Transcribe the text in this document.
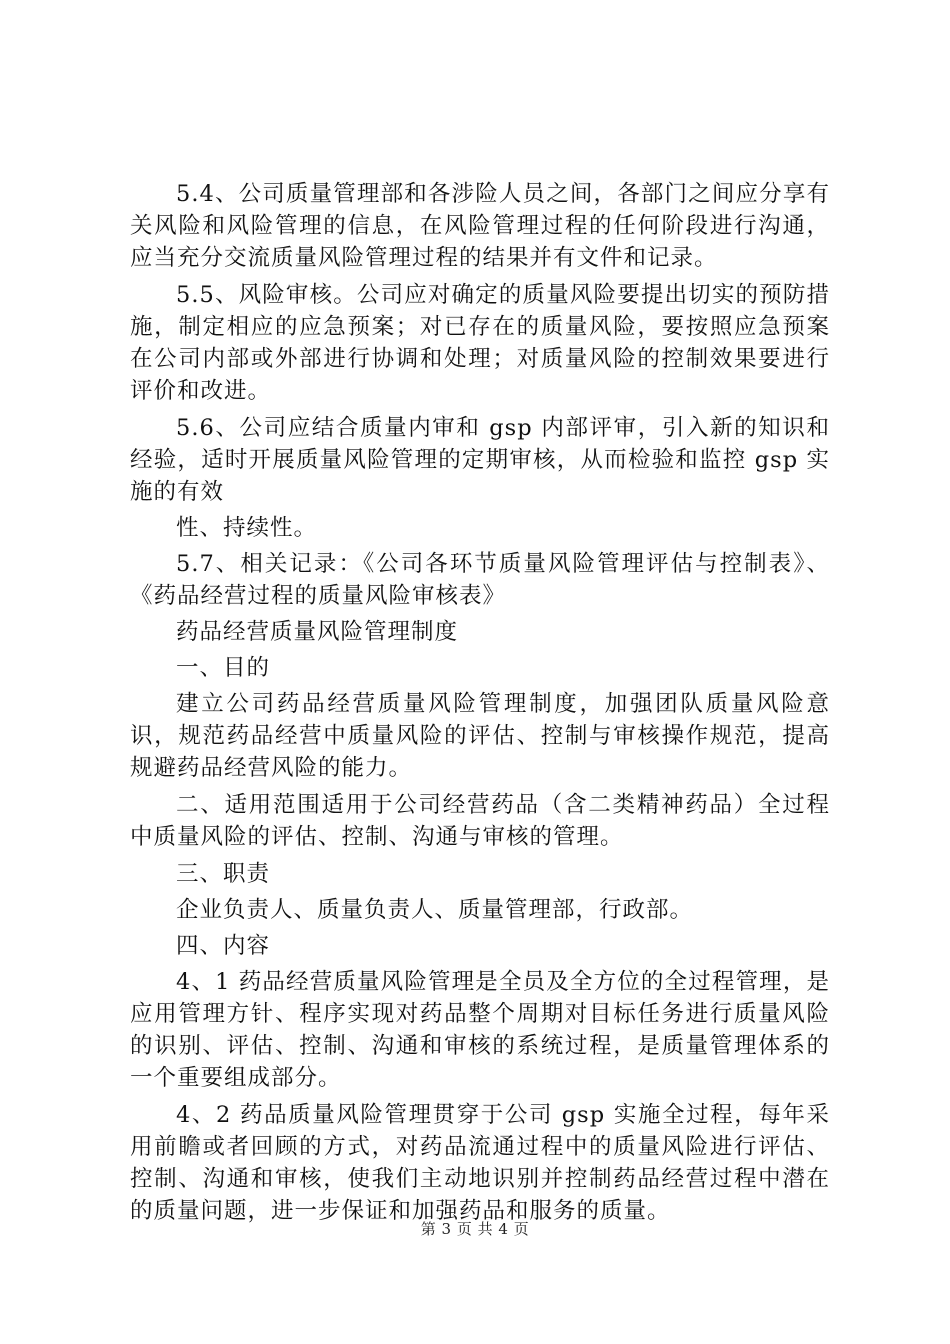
5.4、公司质量管理部和各涉险人员之间，各部门之间应分享有关风险和风险管理的信息，在风险管理过程的任何阶段进行沟通，应当充分交流质量风险管理过程的结果并有文件和记录。

5.5、风险审核。公司应对确定的质量风险要提出切实的预防措施，制定相应的应急预案；对已存在的质量风险，要按照应急预案在公司内部或外部进行协调和处理；对质量风险的控制效果要进行评价和改进。

5.6、公司应结合质量内审和 gsp 内部评审，引入新的知识和经验，适时开展质量风险管理的定期审核，从而检验和监控 gsp 实施的有效

性、持续性。

5.7、相关记录：《公司各环节质量风险管理评估与控制表》、《药品经营过程的质量风险审核表》

药品经营质量风险管理制度

一、目的

建立公司药品经营质量风险管理制度，加强团队质量风险意识，规范药品经营中质量风险的评估、控制与审核操作规范，提高规避药品经营风险的能力。

二、适用范围适用于公司经营药品（含二类精神药品）全过程中质量风险的评估、控制、沟通与审核的管理。

三、职责

企业负责人、质量负责人、质量管理部，行政部。

四、内容

4、1 药品经营质量风险管理是全员及全方位的全过程管理，是应用管理方针、程序实现对药品整个周期对目标任务进行质量风险的识别、评估、控制、沟通和审核的系统过程，是质量管理体系的一个重要组成部分。

4、2 药品质量风险管理贯穿于公司 gsp 实施全过程，每年采用前瞻或者回顾的方式，对药品流通过程中的质量风险进行评估、控制、沟通和审核，使我们主动地识别并控制药品经营过程中潜在的质量问题，进一步保证和加强药品和服务的质量。

第 3 页 共 4 页
